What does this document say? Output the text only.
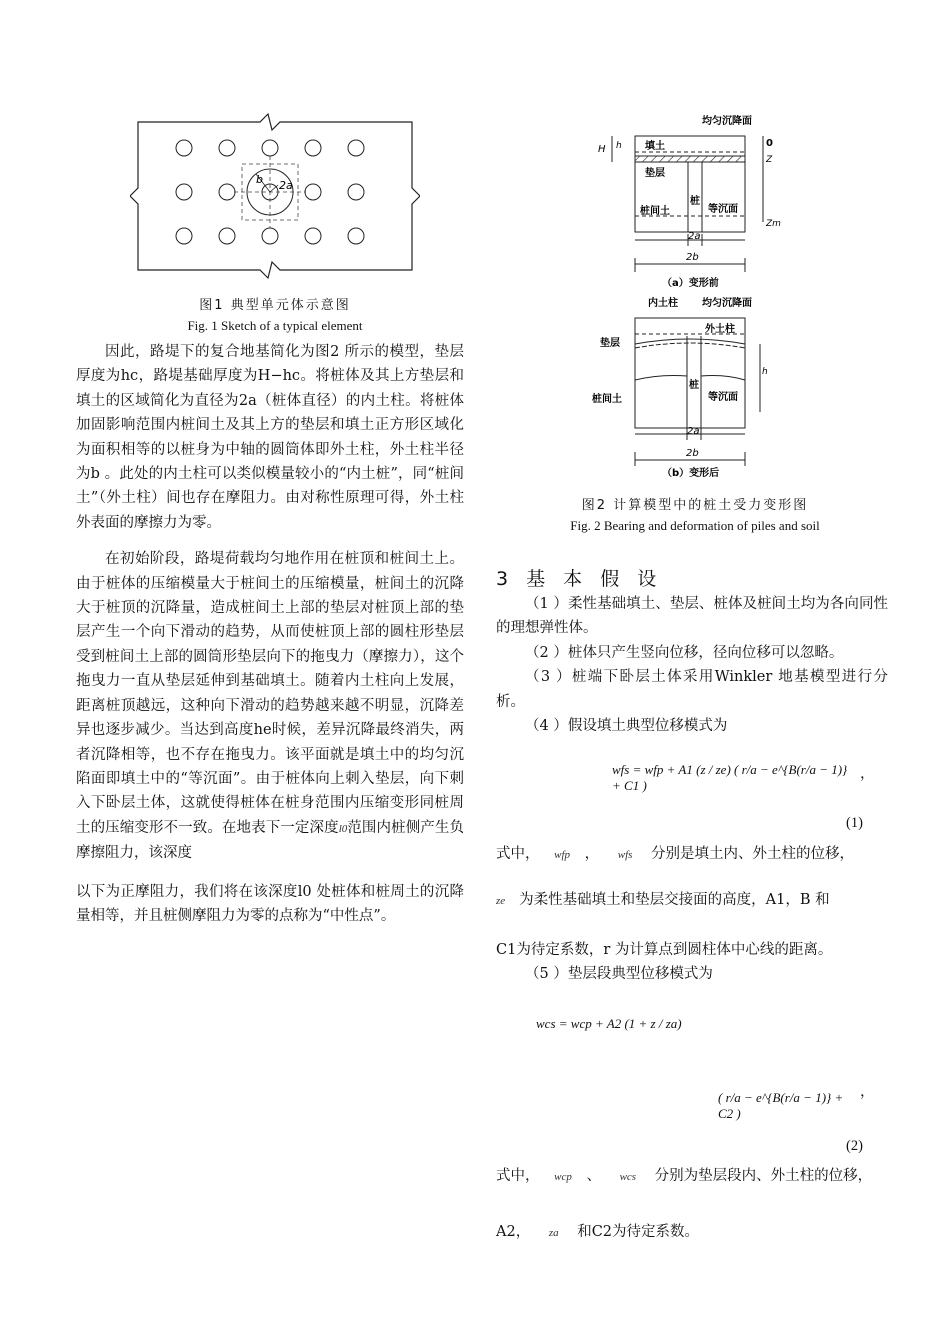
b 2a
图1 典型单元体示意图
Fig. 1 Sketch of a typical element
均匀沉降面
0
填土
垫层
桩
桩间土	等沉面
H h
Z
Zm
2a
2b
（a）变形前
内土柱 均匀沉降面
外土柱
垫层
桩
桩间土	等沉面
h
2a
2b
（b）变形后
图2 计算模型中的桩土受力变形图
Fig. 2 Bearing and deformation of piles and soil

因此，路堤下的复合地基简化为图2 所示的模型，垫层厚度为hc，路堤基础厚度为H−hc。将桩体及其上方垫层和填土的区域简化为直径为2a（桩体直径）的内土柱。将桩体加固影响范围内桩间土及其上方的垫层和填土正方形区域化为面积相等的以桩身为中轴的圆筒体即外土柱，外土柱半径为b 。此处的内土柱可以类似模量较小的“内土桩”，同“桩间土”（外土柱）间也存在摩阻力。由对称性原理可得，外土柱外表面的摩擦力为零。

在初始阶段，路堤荷载均匀地作用在桩顶和桩间土上。由于桩体的压缩模量大于桩间土的压缩模量，桩间土的沉降大于桩顶的沉降量，造成桩间土上部的垫层对桩顶上部的垫层产生一个向下滑动的趋势，从而使桩顶上部的圆柱形垫层受到桩间土上部的圆筒形垫层向下的拖曳力（摩擦力），这个拖曳力一直从垫层延伸到基础填土。随着内土柱向上发展，距离桩顶越远，这种向下滑动的趋势越来越不明显，沉降差异也逐步减少。当达到高度he时候，差异沉降最终消失，两者沉降相等，也不存在拖曳力。该平面就是填土中的均匀沉陷面即填土中的“等沉面”。由于桩体向上刺入垫层，向下刺入下卧层土体，这就使得桩体在桩身范围内压缩变形同桩周土的压缩变形不一致。在地表下一定深度l0范围内桩侧产生负摩擦阻力，该深度

以下为正摩阻力，我们将在该深度l0 处桩体和桩周土的沉降量相等，并且桩侧摩阻力为零的点称为“中性点”。

3 基 本 假 设

（1 ）柔性基础填土、垫层、桩体及桩间土均为各向同性的理想弹性体。

（2 ）桩体只产生竖向位移，径向位移可以忽略。

（3 ）桩端下卧层土体采用Winkler 地基模型进行分析。

（4 ）假设填土典型位移模式为

wfs = wfp + A1 (z / ze) ( r/a − e^{B(r/a − 1)} + C1 )
，
(1)
式中， wfp ， wfs 分别是填土内、外土柱的位移，
ze 为柔性基础填土和垫层交接面的高度，A1，B 和
C1为待定系数，r 为计算点到圆柱体中心线的距离。

（5 ）垫层段典型位移模式为

wcs = wcp + A2 (1 + z / za)
( r/a − e^{B(r/a − 1)} + C2 )
，
(2)
式中， wcp 、 wcs 分别为垫层段内、外土柱的位移，
A2， za 和C2为待定系数。
